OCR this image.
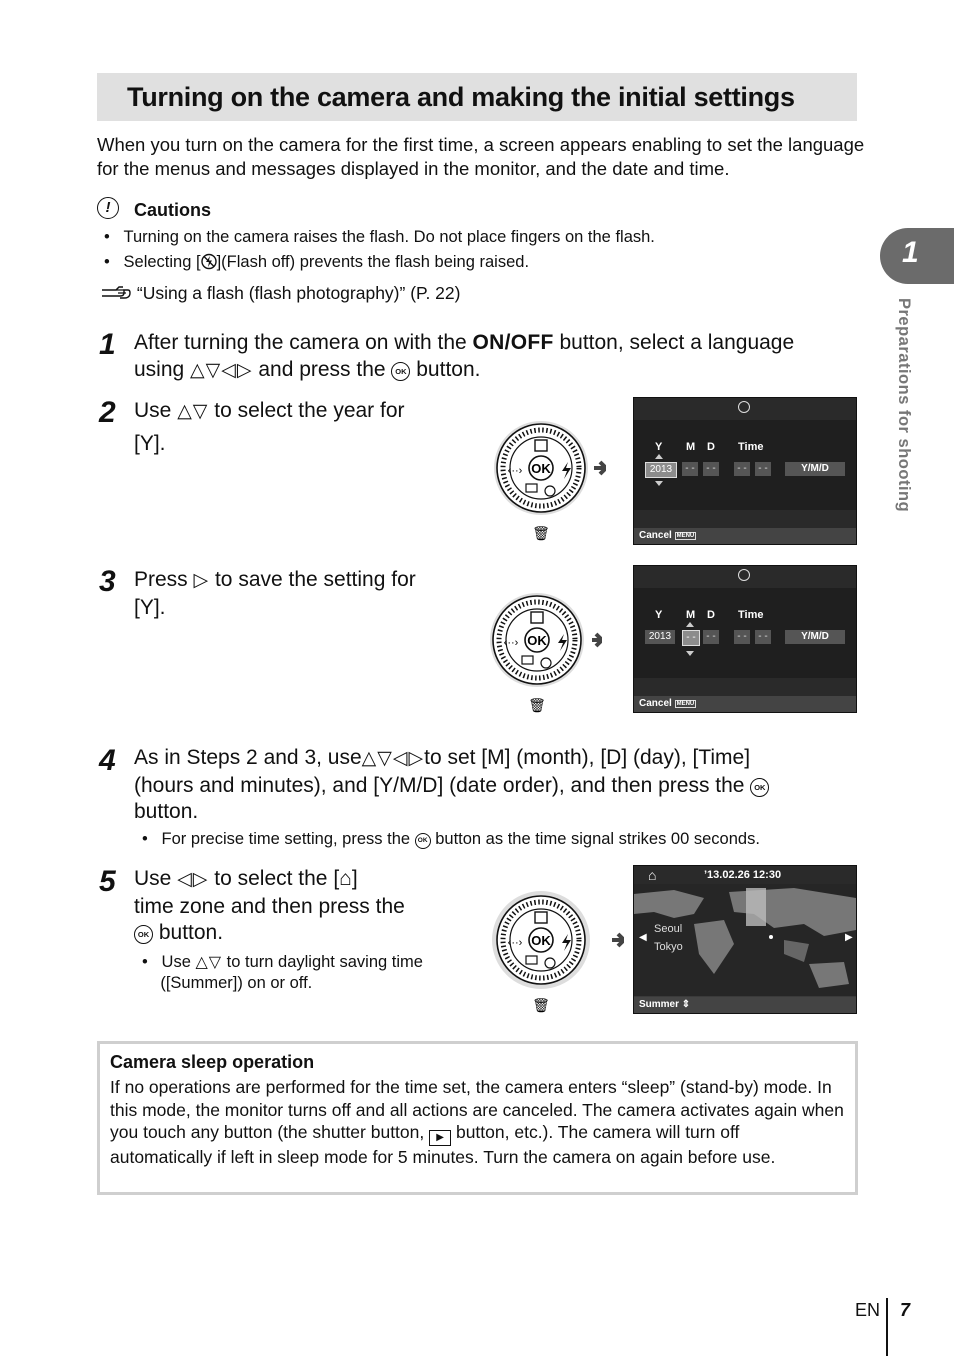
Turning on the camera and making the initial settings
When you turn on the camera for the first time, a screen appears enabling to set the language for the menus and messages displayed in the monitor, and the date and time.
!	Cautions
•   Turning on the camera raises the flash. Do not place fingers on the flash.
•   Selecting [ ](Flash off) prevents the flash being raised.
“Using a flash (flash photography)” (P. 22)
1 After turning the camera on with the ON/OFF button, select a language
using △▽◁▷ and press the OK button.
2 Use △▽ to select the year for
[Y].
OK
‹··›
🗑
Y M D Time
2013	- -	- -	- -	- -	Y/M/D
Cancel MENU
3 Press ▷ to save the setting for
[Y].
OK
‹··›
🗑
Y M D Time
2013	- -	- -	- -	- -	Y/M/D
Cancel MENU
4 As in Steps 2 and 3, use△▽◁▷to set [M] (month), [D] (day), [Time]
(hours and minutes), and [Y/M/D] (date order), and then press the OK
button.
•   For precise time setting, press the OK button as the time signal strikes 00 seconds.
5 Use ◁▷ to select the [⌂]
time zone and then press the
OK button.
•   Use △▽ to turn daylight saving time
([Summer]) on or off.
OK
‹··›
🗑
⌂	’13.02.26 12:30
Seoul
Tokyo
◀	▶
Summer ⇕
1
Preparations for shooting
Camera sleep operation
If no operations are performed for the time set, the camera enters “sleep” (stand-by) mode. In this mode, the monitor turns off and all actions are canceled. The camera activates again when you touch any button (the shutter button, ▶ button, etc.). The camera will turn off automatically if left in sleep mode for 5 minutes. Turn the camera on again before use.
EN 7
